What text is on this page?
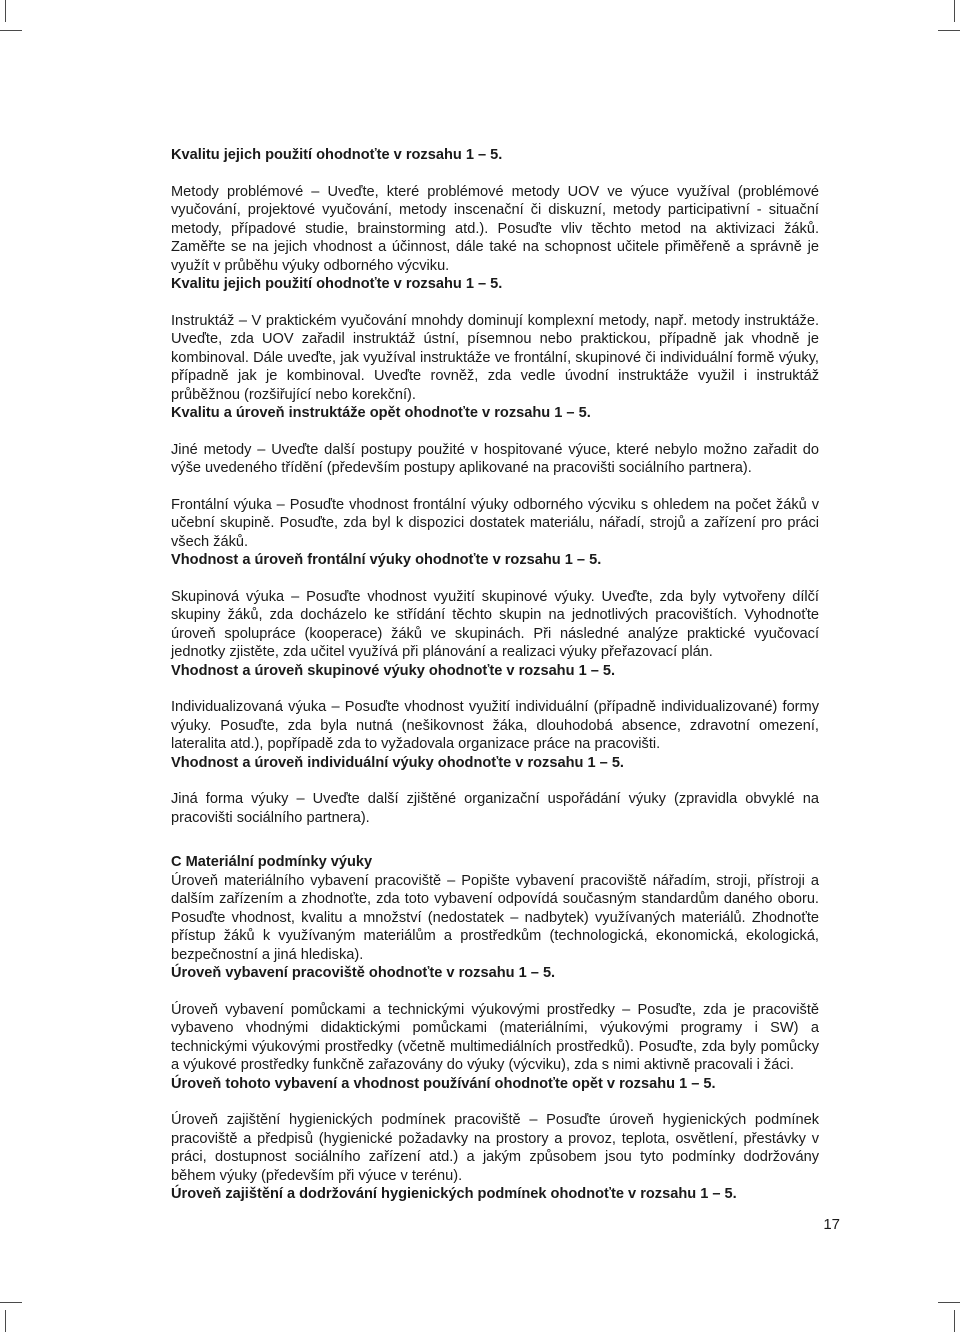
Kvalitu jejich použití ohodnoťte v rozsahu 1 – 5.

Metody problémové – Uveďte, které problémové metody UOV ve výuce využíval (problémové vyučování, projektové vyučování, metody inscenační či diskuzní, metody participativní - situační metody, případové studie, brainstorming atd.). Posuďte vliv těchto metod na aktivizaci žáků. Zaměřte se na jejich vhodnost a účinnost, dále také na schopnost učitele přiměřeně a správně je využít v průběhu výuky odborného výcviku.

Kvalitu jejich použití ohodnoťte v rozsahu 1 – 5.

Instruktáž – V praktickém vyučování mnohdy dominují komplexní metody, např. metody instruktáže. Uveďte, zda UOV zařadil instruktáž ústní, písemnou nebo praktickou, případně jak vhodně je kombinoval. Dále uveďte, jak využíval instruktáže ve frontální, skupinové či individuální formě výuky, případně jak je kombinoval. Uveďte rovněž, zda vedle úvodní instruktáže využil i instruktáž průběžnou (rozšiřující nebo korekční).

Kvalitu a úroveň instruktáže opět ohodnoťte v rozsahu 1 – 5.

Jiné metody – Uveďte další postupy použité v hospitované výuce, které nebylo možno zařadit do výše uvedeného třídění (především postupy aplikované na pracovišti sociálního partnera).

Frontální výuka – Posuďte vhodnost frontální výuky odborného výcviku s ohledem na počet žáků v učební skupině. Posuďte, zda byl k dispozici dostatek materiálu, nářadí, strojů a zařízení pro práci všech žáků.

Vhodnost a úroveň frontální výuky ohodnoťte v rozsahu 1 – 5.

Skupinová výuka – Posuďte vhodnost využití skupinové výuky. Uveďte, zda byly vytvořeny dílčí skupiny žáků, zda docházelo ke střídání těchto skupin na jednotlivých pracovištích. Vyhodnoťte úroveň spolupráce (kooperace) žáků ve skupinách. Při následné analýze praktické vyučovací jednotky zjistěte, zda učitel využívá při plánování a realizaci výuky přeřazovací plán.

Vhodnost a úroveň skupinové výuky ohodnoťte v rozsahu 1 – 5.

Individualizovaná výuka – Posuďte vhodnost využití individuální (případně individualizované) formy výuky. Posuďte, zda byla nutná (nešikovnost žáka, dlouhodobá absence, zdravotní omezení, lateralita atd.), popřípadě zda to vyžadovala organizace práce na pracovišti.

Vhodnost a úroveň individuální výuky ohodnoťte v rozsahu 1 – 5.

Jiná forma výuky – Uveďte další zjištěné organizační uspořádání výuky (zpravidla obvyklé na pracovišti sociálního partnera).

C Materiální podmínky výuky

Úroveň materiálního vybavení pracoviště – Popište vybavení pracoviště nářadím, stroji, přístroji a dalším zařízením a zhodnoťte, zda toto vybavení odpovídá současným standardům daného oboru. Posuďte vhodnost, kvalitu a množství (nedostatek – nadbytek) využívaných materiálů. Zhodnoťte přístup žáků k využívaným materiálům a prostředkům (technologická, ekonomická, ekologická, bezpečnostní a jiná hlediska).

Úroveň vybavení pracoviště ohodnoťte v rozsahu 1 – 5.

Úroveň vybavení pomůckami a technickými výukovými prostředky – Posuďte, zda je pracoviště vybaveno vhodnými didaktickými pomůckami (materiálními, výukovými programy i SW) a technickými výukovými prostředky (včetně multimediálních prostředků). Posuďte, zda byly pomůcky a výukové prostředky funkčně zařazovány do výuky (výcviku), zda s nimi aktivně pracovali i žáci.

Úroveň tohoto vybavení a vhodnost používání ohodnoťte opět v rozsahu 1 – 5.

Úroveň zajištění hygienických podmínek pracoviště – Posuďte úroveň hygienických podmínek pracoviště a předpisů (hygienické požadavky na prostory a provoz, teplota, osvětlení, přestávky v práci, dostupnost sociálního zařízení atd.) a jakým způsobem jsou tyto podmínky dodržovány během výuky (především při výuce v terénu).

Úroveň zajištění a dodržování hygienických podmínek ohodnoťte v rozsahu 1 – 5.

17
